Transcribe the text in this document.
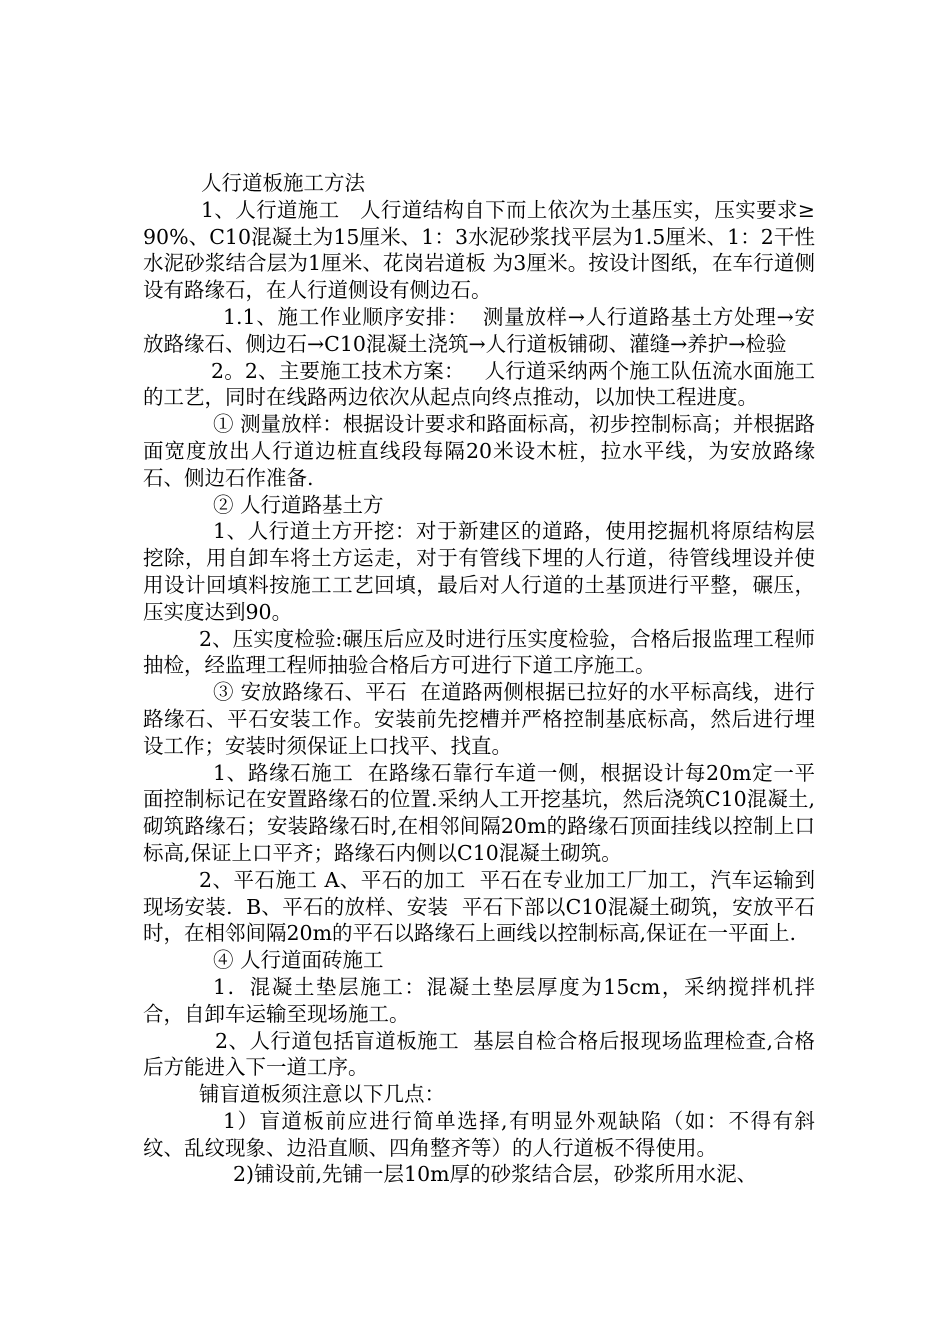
人行道板施工方法

1、人行道施工   人行道结构自下而上依次为土基压实，压实要求≥90%、C10混凝土为15厘米、1：3水泥砂浆找平层为1.5厘米、1：2干性水泥砂浆结合层为1厘米、花岗岩道板 为3厘米。按设计图纸，在车行道侧设有路缘石，在人行道侧设有侧边石。

1.1、施工作业顺序安排：  测量放样→人行道路基土方处理→安放路缘石、侧边石→C10混凝土浇筑→人行道板铺砌、灌缝→养护→检验

2。2、主要施工技术方案：   人行道采纳两个施工队伍流水面施工的工艺，同时在线路两边依次从起点向终点推动，以加快工程进度。

① 测量放样：根据设计要求和路面标高，初步控制标高；并根据路面宽度放出人行道边桩直线段每隔20米设木桩，拉水平线，为安放路缘石、侧边石作准备.

② 人行道路基土方

1、人行道土方开挖：对于新建区的道路，使用挖掘机将原结构层挖除，用自卸车将土方运走，对于有管线下埋的人行道，待管线埋设并使用设计回填料按施工工艺回填，最后对人行道的土基顶进行平整，碾压，压实度达到90。

2、压实度检验:碾压后应及时进行压实度检验，合格后报监理工程师抽检，经监理工程师抽验合格后方可进行下道工序施工。

③ 安放路缘石、平石  在道路两侧根据已拉好的水平标高线，进行路缘石、平石安装工作。安装前先挖槽并严格控制基底标高，然后进行埋设工作；安装时须保证上口找平、找直。

1、路缘石施工  在路缘石靠行车道一侧，根据设计每20m定一平面控制标记在安置路缘石的位置.采纳人工开挖基坑，然后浇筑C10混凝土,砌筑路缘石；安装路缘石时,在相邻间隔20m的路缘石顶面挂线以控制上口标高,保证上口平齐；路缘石内侧以C10混凝土砌筑。

2、平石施工 A、平石的加工  平石在专业加工厂加工，汽车运输到现场安装.  B、平石的放样、安装  平石下部以C10混凝土砌筑，安放平石时，在相邻间隔20m的平石以路缘石上画线以控制标高,保证在一平面上.

④ 人行道面砖施工

1．混凝土垫层施工：混凝土垫层厚度为15cm，采纳搅拌机拌合，自卸车运输至现场施工。

2、人行道包括盲道板施工  基层自检合格后报现场监理检查,合格后方能进入下一道工序。

铺盲道板须注意以下几点：

1）盲道板前应进行简单选择,有明显外观缺陷（如：不得有斜纹、乱纹现象、边沿直顺、四角整齐等）的人行道板不得使用。

2)铺设前,先铺一层10m厚的砂浆结合层，砂浆所用水泥、
